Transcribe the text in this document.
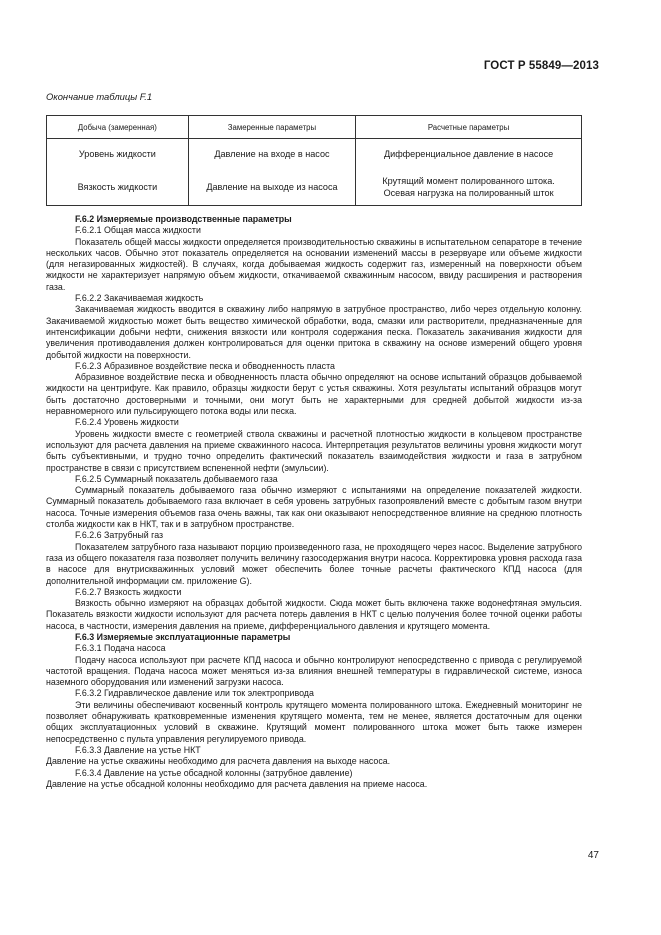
ГОСТ Р 55849—2013
Окончание таблицы F.1
Добыча (замеренная)	Замеренные параметры	Расчетные параметры
Уровень жидкости	Давление на входе в насос	Дифференциальное давление в насосе
Вязкость жидкости	Давление на выходе из насоса	Крутящий момент полированного штока.
Осевая нагрузка на полированный шток

F.6.2 Измеряемые производственные параметры

F.6.2.1 Общая масса жидкости

Показатель общей массы жидкости определяется производительностью скважины в испытательном сепараторе в течение нескольких часов. Обычно этот показатель определяется на основании изменений массы в резервуаре или объеме жидкости (для негазированных жидкостей). В случаях, когда добываемая жидкость содержит газ, измеренный на поверхности объем жидкости не характеризует напрямую объем жидкости, откачиваемой скважинным насосом, ввиду расширения и растворения газа.

F.6.2.2 Закачиваемая жидкость

Закачиваемая жидкость вводится в скважину либо напрямую в затрубное пространство, либо через отдельную колонну. Закачиваемой жидкостью может быть вещество химической обработки, вода, смазки или растворители, предназначенные для интенсификации добычи нефти, снижения вязкости или контроля содержания песка. Показатель закачивания жидкости для увеличения противодавления должен контролироваться для оценки притока в скважину на основе измерений общего уровня добытой жидкости на поверхности.

F.6.2.3 Абразивное воздействие песка и обводненность пласта

Абразивное воздействие песка и обводненность пласта обычно определяют на основе испытаний образцов добываемой жидкости на центрифуге. Как правило, образцы жидкости берут с устья скважины. Хотя результаты испытаний образцов могут быть достаточно достоверными и точными, они могут быть не характерными для средней добытой жидкости из-за неравномерного или пульсирующего потока воды или песка.

F.6.2.4 Уровень жидкости

Уровень жидкости вместе с геометрией ствола скважины и расчетной плотностью жидкости в кольцевом пространстве используют для расчета давления на приеме скважинного насоса. Интерпретация результатов величины уровня жидкости могут быть субъективными, и трудно точно определить фактический показатель взаимодействия жидкости и газа в затрубном пространстве в связи с присутствием вспененной нефти (эмульсии).

F.6.2.5 Суммарный показатель добываемого газа

Суммарный показатель добываемого газа обычно измеряют с испытаниями на определение показателей жидкости. Суммарный показатель добываемого газа включает в себя уровень затрубных газопроявлений вместе с добытым газом внутри насоса. Точные измерения объемов газа очень важны, так как они оказывают непосредственное влияние на среднюю плотность столба жидкости как в НКТ, так и в затрубном пространстве.

F.6.2.6 Затрубный газ

Показателем затрубного газа называют порцию произведенного газа, не проходящего через насос. Выделение затрубного газа из общего показателя газа позволяет получить величину газосодержания внутри насоса. Корректировка уровня расхода газа в насосе для внутрискважинных условий может обеспечить более точные расчеты фактического КПД насоса (для дополнительной информации см. приложение G).

F.6.2.7 Вязкость жидкости

Вязкость обычно измеряют на образцах добытой жидкости. Сюда может быть включена также водонефтяная эмульсия. Показатель вязкости жидкости используют для расчета потерь давления в НКТ с целью получения более точной оценки работы насоса, в частности, измерения давления на приеме, дифференциального давления и крутящего момента.

F.6.3 Измеряемые эксплуатационные параметры

F.6.3.1 Подача насоса

Подачу насоса используют при расчете КПД насоса и обычно контролируют непосредственно с привода с регулируемой частотой вращения. Подача насоса может меняться из-за влияния внешней температуры в гидравлической системе, износа наземного оборудования или изменений загрузки насоса.

F.6.3.2 Гидравлическое давление или ток электропривода

Эти величины обеспечивают косвенный контроль крутящего момента полированного штока. Ежедневный мониторинг не позволяет обнаруживать кратковременные изменения крутящего момента, тем не менее, является достаточным для оценки общих эксплуатационных условий в скважине. Крутящий момент полированного штока может быть также измерен непосредственно с пульта управления регулируемого привода.

F.6.3.3 Давление на устье НКТ

Давление на устье скважины необходимо для расчета давления на выходе насоса.

F.6.3.4 Давление на устье обсадной колонны (затрубное давление)

Давление на устье обсадной колонны необходимо для расчета давления на приеме насоса.

47
